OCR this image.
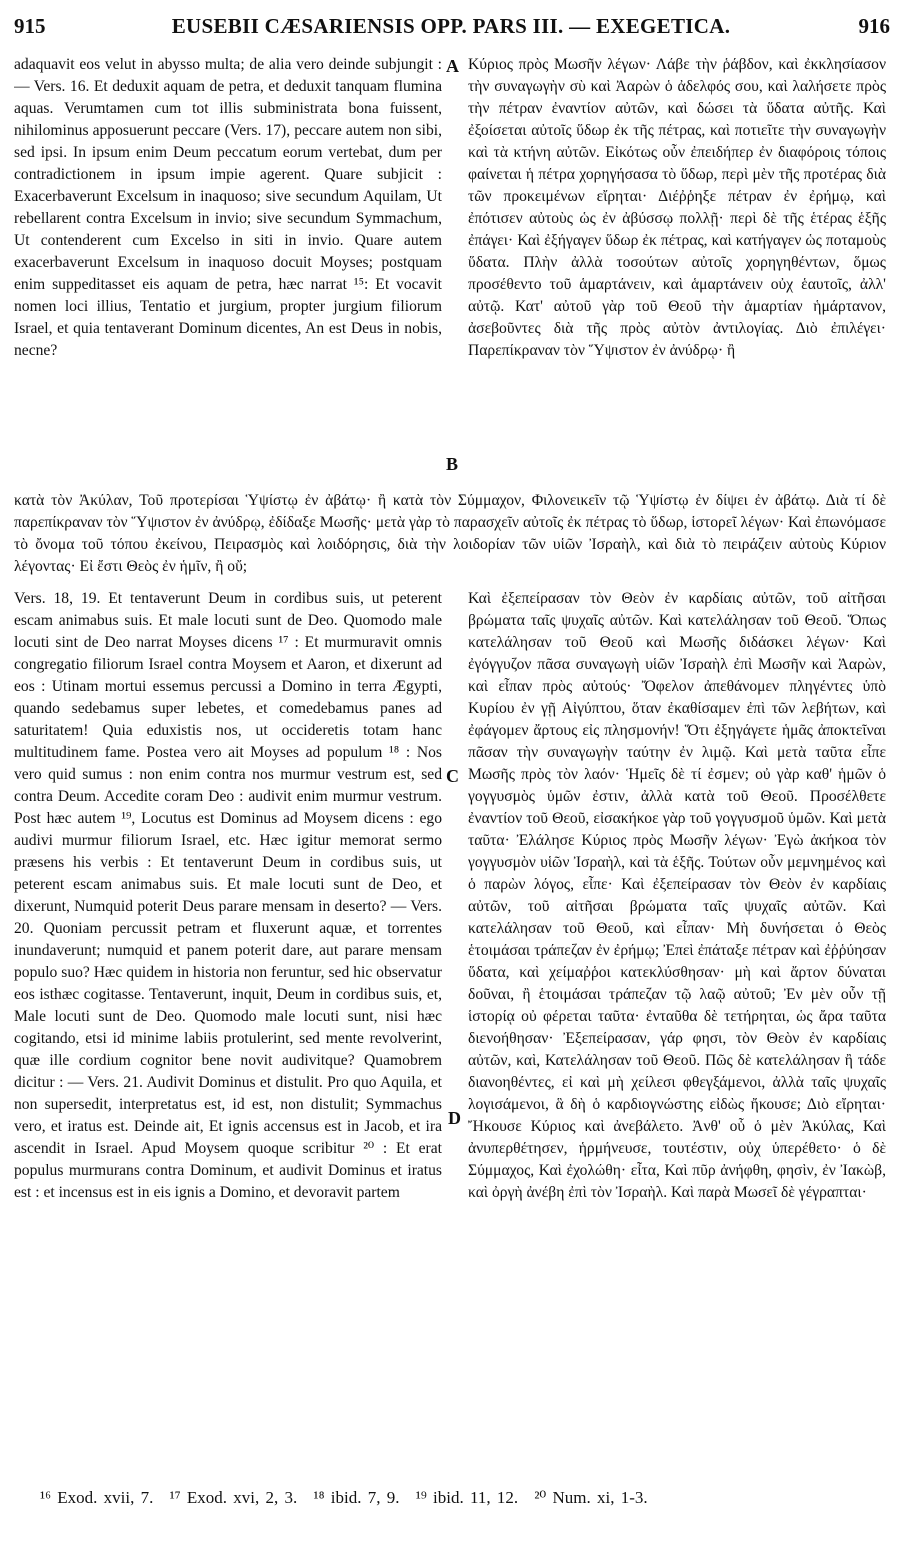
915	EUSEBII CÆSARIENSIS OPP. PARS III. — EXEGETICA.	916
A
B
C
D

adaquavit eos velut in abysso multa; de alia vero deinde subjungit : — Vers. 16. Et deduxit aquam de petra, et deduxit tanquam flumina aquas. Verumtamen cum tot illis subministrata bona fuissent, nihilominus apposuerunt peccare (Vers. 17), peccare autem non sibi, sed ipsi. In ipsum enim Deum peccatum eorum vertebat, dum per contradictionem in ipsum impie agerent. Quare subjicit : Exacerbaverunt Excelsum in inaquoso; sive secundum Aquilam, Ut rebellarent contra Excelsum in invio; sive secundum Symmachum, Ut contenderent cum Excelso in siti in invio. Quare autem exacerbaverunt Excelsum in inaquoso docuit Moyses; postquam enim suppeditasset eis aquam de petra, hæc narrat ¹⁵: Et vocavit nomen loci illius, Tentatio et jurgium, propter jurgium filiorum Israel, et quia tentaverant Dominum dicentes, An est Deus in nobis, necne?

Κύριος πρὸς Μωσῆν λέγων· Λάβε τὴν ῥάβδον, καὶ ἐκκλησίασον τὴν συναγωγὴν σὺ καὶ Ἀαρὼν ὁ ἀδελφός σου, καὶ λαλήσετε πρὸς τὴν πέτραν ἐναντίον αὐτῶν, καὶ δώσει τὰ ὕδατα αὐτῆς. Καὶ ἐξοίσεται αὐτοῖς ὕδωρ ἐκ τῆς πέτρας, καὶ ποτιεῖτε τὴν συναγωγὴν καὶ τὰ κτήνη αὐτῶν. Εἰκότως οὖν ἐπειδήπερ ἐν διαφόροις τόποις φαίνεται ἡ πέτρα χορηγήσασα τὸ ὕδωρ, περὶ μὲν τῆς προτέρας διὰ τῶν προκειμένων εἴρηται· Διέῤῥηξε πέτραν ἐν ἐρήμῳ, καὶ ἐπότισεν αὐτοὺς ὡς ἐν ἀβύσσῳ πολλῇ· περὶ δὲ τῆς ἑτέρας ἑξῆς ἐπάγει· Καὶ ἐξήγαγεν ὕδωρ ἐκ πέτρας, καὶ κατήγαγεν ὡς ποταμοὺς ὕδατα. Πλὴν ἀλλὰ τοσούτων αὐτοῖς χορηγηθέντων, ὅμως προσέθεντο τοῦ ἁμαρτάνειν, καὶ ἁμαρτάνειν οὐχ ἑαυτοῖς, ἀλλ' αὐτῷ. Κατ' αὐτοῦ γὰρ τοῦ Θεοῦ τὴν ἁμαρτίαν ἡμάρτανον, ἀσεβοῦντες διὰ τῆς πρὸς αὐτὸν ἀντιλογίας. Διὸ ἐπιλέγει· Παρεπίκραναν τὸν Ὕψιστον ἐν ἀνύδρῳ· ἢ

κατὰ τὸν Ἀκύλαν, Τοῦ προτερίσαι Ὑψίστῳ ἐν ἀβάτῳ· ἢ κατὰ τὸν Σύμμαχον, Φιλονεικεῖν τῷ Ὑψίστῳ ἐν δίψει ἐν ἀβάτῳ. Διὰ τί δὲ παρεπίκραναν τὸν Ὕψιστον ἐν ἀνύδρῳ, ἐδίδαξε Μωσῆς· μετὰ γὰρ τὸ παρασχεῖν αὐτοῖς ἐκ πέτρας τὸ ὕδωρ, ἱστορεῖ λέγων· Καὶ ἐπωνόμασε τὸ ὄνομα τοῦ τόπου ἐκείνου, Πειρασμὸς καὶ λοιδόρησις, διὰ τὴν λοιδορίαν τῶν υἱῶν Ἰσραὴλ, καὶ διὰ τὸ πειράζειν αὐτοὺς Κύριον λέγοντας· Εἰ ἔστι Θεὸς ἐν ἡμῖν, ἢ οὔ;

Vers. 18, 19. Et tentaverunt Deum in cordibus suis, ut peterent escam animabus suis. Et male locuti sunt de Deo. Quomodo male locuti sint de Deo narrat Moyses dicens ¹⁷ : Et murmuravit omnis congregatio filiorum Israel contra Moysem et Aaron, et dixerunt ad eos : Utinam mortui essemus percussi a Domino in terra Ægypti, quando sedebamus super lebetes, et comedebamus panes ad saturitatem! Quia eduxistis nos, ut occideretis totam hanc multitudinem fame. Postea vero ait Moyses ad populum ¹⁸ : Nos vero quid sumus : non enim contra nos murmur vestrum est, sed contra Deum. Accedite coram Deo : audivit enim murmur vestrum. Post hæc autem ¹⁹, Locutus est Dominus ad Moysem dicens : ego audivi murmur filiorum Israel, etc. Hæc igitur memorat sermo præsens his verbis : Et tentaverunt Deum in cordibus suis, ut peterent escam animabus suis. Et male locuti sunt de Deo, et dixerunt, Numquid poterit Deus parare mensam in deserto? — Vers. 20. Quoniam percussit petram et fluxerunt aquæ, et torrentes inundaverunt; numquid et panem poterit dare, aut parare mensam populo suo? Hæc quidem in historia non feruntur, sed hic observatur eos isthæc cogitasse. Tentaverunt, inquit, Deum in cordibus suis, et, Male locuti sunt de Deo. Quomodo male locuti sunt, nisi hæc cogitando, etsi id minime labiis protulerint, sed mente revolverint, quæ ille cordium cognitor bene novit audivitque? Quamobrem dicitur : — Vers. 21. Audivit Dominus et distulit. Pro quo Aquila, et non supersedit, interpretatus est, id est, non distulit; Symmachus vero, et iratus est. Deinde ait, Et ignis accensus est in Jacob, et ira ascendit in Israel. Apud Moysem quoque scribitur ²⁰ : Et erat populus murmurans contra Dominum, et audivit Dominus et iratus est : et incensus est in eis ignis a Domino, et devoravit partem

Καὶ ἐξεπείρασαν τὸν Θεὸν ἐν καρδίαις αὐτῶν, τοῦ αἰτῆσαι βρώματα ταῖς ψυχαῖς αὐτῶν. Καὶ κατελάλησαν τοῦ Θεοῦ. Ὅπως κατελάλησαν τοῦ Θεοῦ καὶ Μωσῆς διδάσκει λέγων· Καὶ ἐγόγγυζον πᾶσα συναγωγὴ υἱῶν Ἰσραὴλ ἐπὶ Μωσῆν καὶ Ἀαρὼν, καὶ εἶπαν πρὸς αὐτούς· Ὄφελον ἀπεθάνομεν πληγέντες ὑπὸ Κυρίου ἐν γῇ Αἰγύπτου, ὅταν ἐκαθίσαμεν ἐπὶ τῶν λεβήτων, καὶ ἐφάγομεν ἄρτους εἰς πλησμονήν! Ὅτι ἐξηγάγετε ἡμᾶς ἀποκτεῖναι πᾶσαν τὴν συναγωγὴν ταύτην ἐν λιμῷ. Καὶ μετὰ ταῦτα εἶπε Μωσῆς πρὸς τὸν λαόν· Ἡμεῖς δὲ τί ἐσμεν; οὐ γὰρ καθ' ἡμῶν ὁ γογγυσμὸς ὑμῶν ἐστιν, ἀλλὰ κατὰ τοῦ Θεοῦ. Προσέλθετε ἐναντίον τοῦ Θεοῦ, εἰσακήκοε γὰρ τοῦ γογγυσμοῦ ὑμῶν. Καὶ μετὰ ταῦτα· Ἐλάλησε Κύριος πρὸς Μωσῆν λέγων· Ἐγὼ ἀκήκοα τὸν γογγυσμὸν υἱῶν Ἰσραὴλ, καὶ τὰ ἑξῆς. Τούτων οὖν μεμνημένος καὶ ὁ παρὼν λόγος, εἶπε· Καὶ ἐξεπείρασαν τὸν Θεὸν ἐν καρδίαις αὐτῶν, τοῦ αἰτῆσαι βρώματα ταῖς ψυχαῖς αὐτῶν. Καὶ κατελάλησαν τοῦ Θεοῦ, καὶ εἶπαν· Μὴ δυνήσεται ὁ Θεὸς ἑτοιμάσαι τράπεζαν ἐν ἐρήμῳ; Ἐπεὶ ἐπάταξε πέτραν καὶ ἐῤῥύησαν ὕδατα, καὶ χείμαῤῥοι κατεκλύσθησαν· μὴ καὶ ἄρτον δύναται δοῦναι, ἢ ἑτοιμάσαι τράπεζαν τῷ λαῷ αὐτοῦ; Ἐν μὲν οὖν τῇ ἱστορίᾳ οὐ φέρεται ταῦτα· ἐνταῦθα δὲ τετήρηται, ὡς ἄρα ταῦτα διενοήθησαν· Ἐξεπείρασαν, γάρ φησι, τὸν Θεὸν ἐν καρδίαις αὐτῶν, καὶ, Κατελάλησαν τοῦ Θεοῦ. Πῶς δὲ κατελάλησαν ἢ τάδε διανοηθέντες, εἰ καὶ μὴ χείλεσι φθεγξάμενοι, ἀλλὰ ταῖς ψυχαῖς λογισάμενοι, ἃ δὴ ὁ καρδιογνώστης εἰδὼς ἤκουσε; Διὸ εἴρηται· Ἤκουσε Κύριος καὶ ἀνεβάλετο. Ἀνθ' οὗ ὁ μὲν Ἀκύλας, Καὶ ἀνυπερθέτησεν, ἡρμήνευσε, τουτέστιν, οὐχ ὑπερέθετο· ὁ δὲ Σύμμαχος, Καὶ ἐχολώθη· εἶτα, Καὶ πῦρ ἀνήφθη, φησὶν, ἐν Ἰακὼβ, καὶ ὀργὴ ἀνέβη ἐπὶ τὸν Ἰσραὴλ. Καὶ παρὰ Μωσεῖ δὲ γέγραπται·

¹⁶ Exod. xvii, 7. ¹⁷ Exod. xvi, 2, 3. ¹⁸ ibid. 7, 9. ¹⁹ ibid. 11, 12. ²⁰ Num. xi, 1-3.
